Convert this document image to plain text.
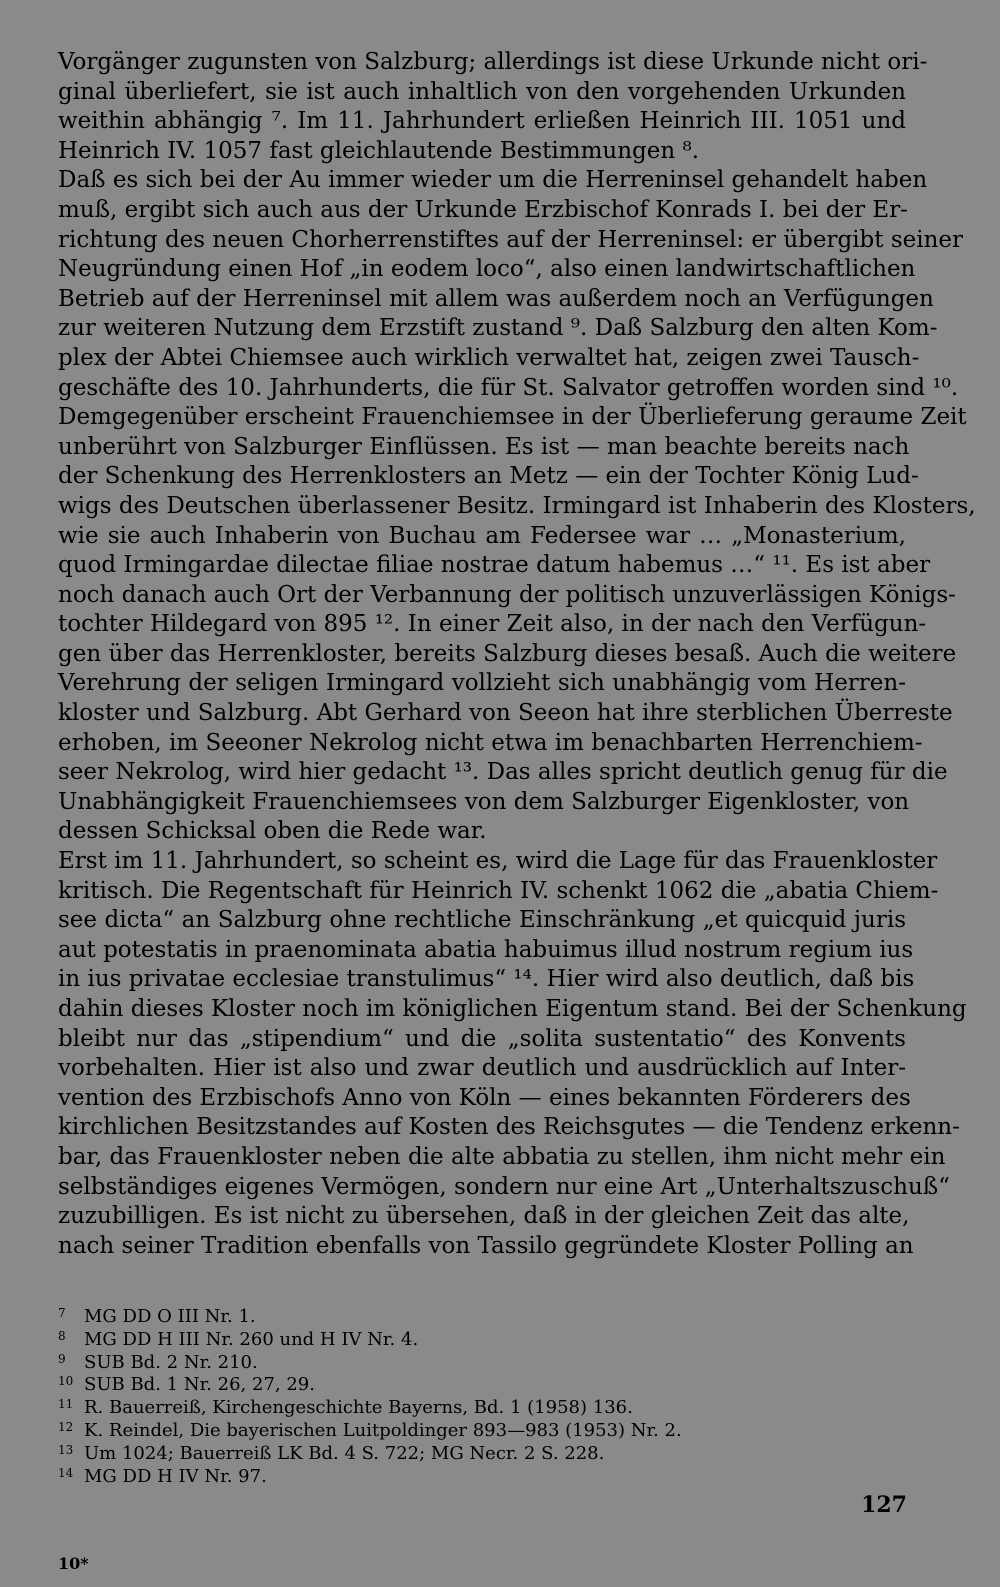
Vorgänger zugunsten von Salzburg; allerdings ist diese Urkunde nicht ori-
ginal überliefert, sie ist auch inhaltlich von den vorgehenden Urkunden
weithin abhängig ⁷. Im 11. Jahrhundert erließen Heinrich III. 1051 und
Heinrich IV. 1057 fast gleichlautende Bestimmungen ⁸.
Daß es sich bei der Au immer wieder um die Herreninsel gehandelt haben
muß, ergibt sich auch aus der Urkunde Erzbischof Konrads I. bei der Er-
richtung des neuen Chorherrenstiftes auf der Herreninsel: er übergibt seiner
Neugründung einen Hof „in eodem loco“, also einen landwirtschaftlichen
Betrieb auf der Herreninsel mit allem was außerdem noch an Verfügungen
zur weiteren Nutzung dem Erzstift zustand ⁹. Daß Salzburg den alten Kom-
plex der Abtei Chiemsee auch wirklich verwaltet hat, zeigen zwei Tausch-
geschäfte des 10. Jahrhunderts, die für St. Salvator getroffen worden sind ¹⁰.
Demgegenüber erscheint Frauenchiemsee in der Überlieferung geraume Zeit
unberührt von Salzburger Einflüssen. Es ist — man beachte bereits nach
der Schenkung des Herrenklosters an Metz — ein der Tochter König Lud-
wigs des Deutschen überlassener Besitz. Irmingard ist Inhaberin des Klosters,
wie sie auch Inhaberin von Buchau am Federsee war … „Monasterium,
quod Irmingardae dilectae filiae nostrae datum habemus …“ ¹¹. Es ist aber
noch danach auch Ort der Verbannung der politisch unzuverlässigen Königs-
tochter Hildegard von 895 ¹². In einer Zeit also, in der nach den Verfügun-
gen über das Herrenkloster, bereits Salzburg dieses besaß. Auch die weitere
Verehrung der seligen Irmingard vollzieht sich unabhängig vom Herren-
kloster und Salzburg. Abt Gerhard von Seeon hat ihre sterblichen Überreste
erhoben, im Seeoner Nekrolog nicht etwa im benachbarten Herrenchiem-
seer Nekrolog, wird hier gedacht ¹³. Das alles spricht deutlich genug für die
Unabhängigkeit Frauenchiemsees von dem Salzburger Eigenkloster, von
dessen Schicksal oben die Rede war.
Erst im 11. Jahrhundert, so scheint es, wird die Lage für das Frauenkloster
kritisch. Die Regentschaft für Heinrich IV. schenkt 1062 die „abatia Chiem-
see dicta“ an Salzburg ohne rechtliche Einschränkung „et quicquid juris
aut potestatis in praenominata abatia habuimus illud nostrum regium ius
in ius privatae ecclesiae transtulimus“ ¹⁴. Hier wird also deutlich, daß bis
dahin dieses Kloster noch im königlichen Eigentum stand. Bei der Schenkung
bleibt nur das „stipendium“ und die „solita sustentatio“ des Konvents
vorbehalten. Hier ist also und zwar deutlich und ausdrücklich auf Inter-
vention des Erzbischofs Anno von Köln — eines bekannten Förderers des
kirchlichen Besitzstandes auf Kosten des Reichsgutes — die Tendenz erkenn-
bar, das Frauenkloster neben die alte abbatia zu stellen, ihm nicht mehr ein
selbständiges eigenes Vermögen, sondern nur eine Art „Unterhaltszuschuß“
zuzubilligen. Es ist nicht zu übersehen, daß in der gleichen Zeit das alte,
nach seiner Tradition ebenfalls von Tassilo gegründete Kloster Polling an
7 MG DD O III Nr. 1.
8 MG DD H III Nr. 260 und H IV Nr. 4.
9 SUB Bd. 2 Nr. 210.
10 SUB Bd. 1 Nr. 26, 27, 29.
11 R. Bauerreiß, Kirchengeschichte Bayerns, Bd. 1 (1958) 136.
12 K. Reindel, Die bayerischen Luitpoldinger 893—983 (1953) Nr. 2.
13 Um 1024; Bauerreiß LK Bd. 4 S. 722; MG Necr. 2 S. 228.
14 MG DD H IV Nr. 97.
127
10*
